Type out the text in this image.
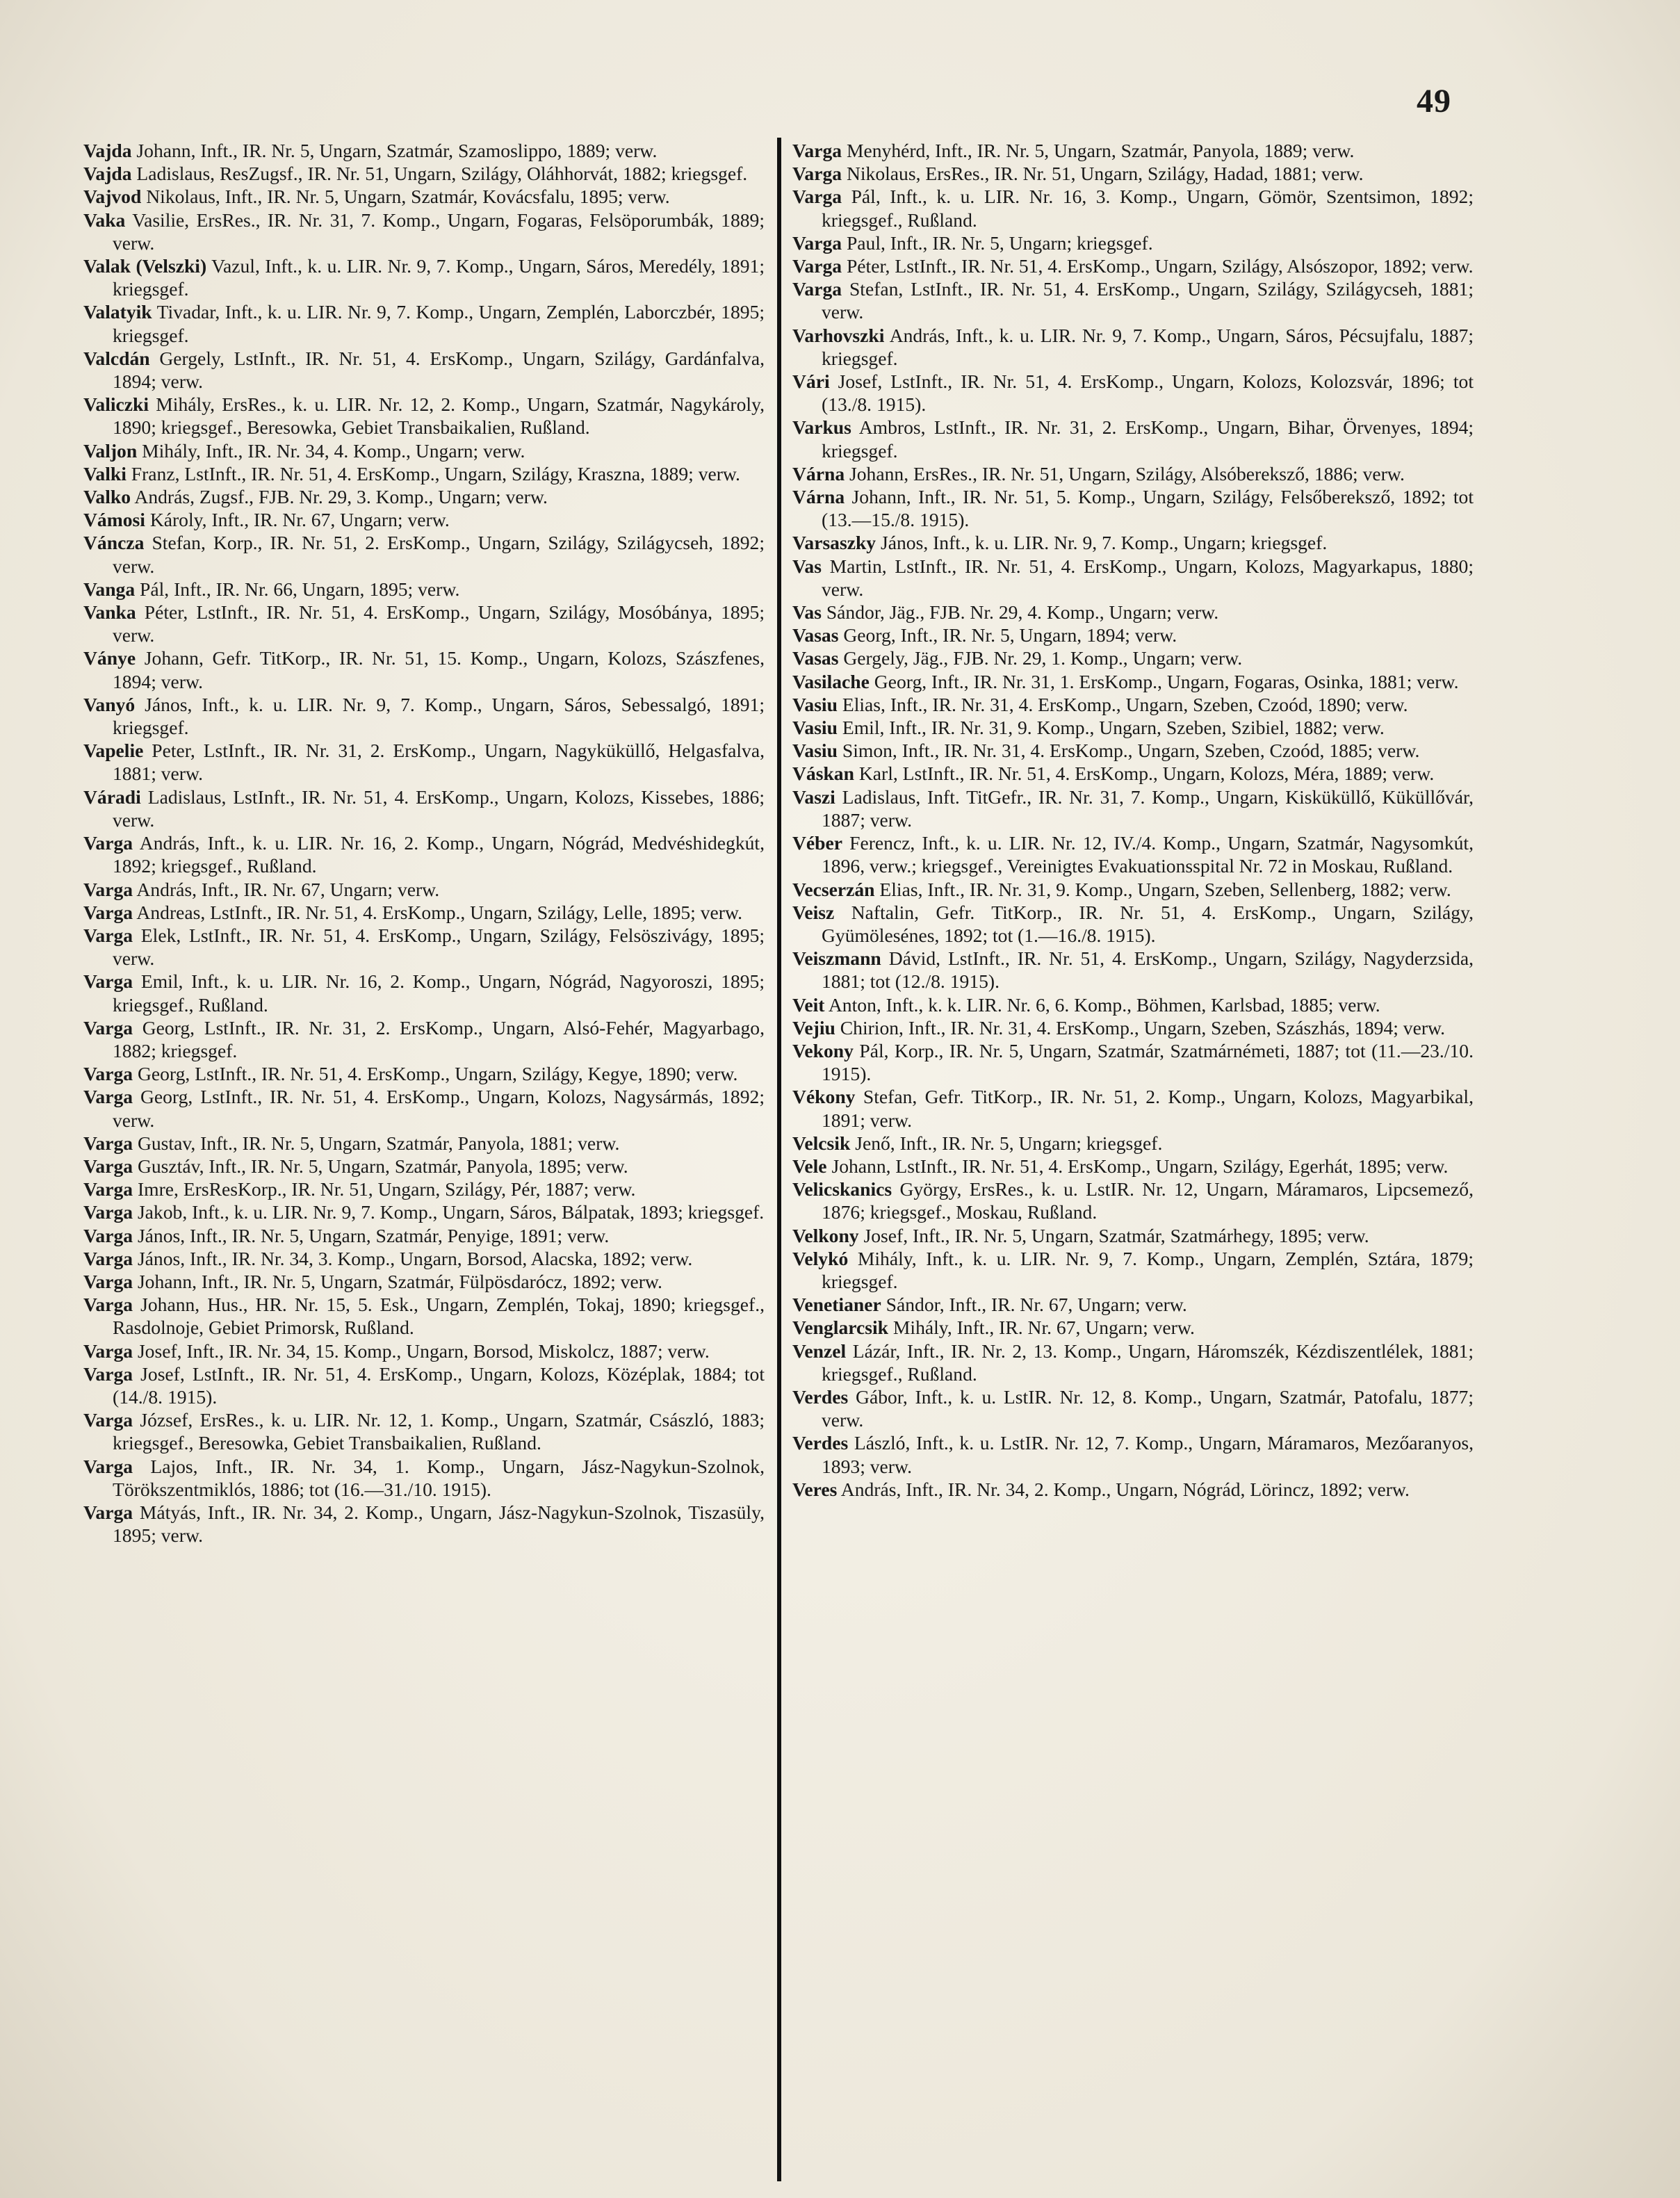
49
Vajda Johann, Inft., IR. Nr. 5, Ungarn, Szatmár, Szamoslippo, 1889; verw.
Vajda Ladislaus, ResZugsf., IR. Nr. 51, Ungarn, Szilágy, Oláhhorvát, 1882; kriegsgef.
Vajvod Nikolaus, Inft., IR. Nr. 5, Ungarn, Szatmár, Kovácsfalu, 1895; verw.
Vaka Vasilie, ErsRes., IR. Nr. 31, 7. Komp., Ungarn, Fogaras, Felsöporumbák, 1889; verw.
Valak (Velszki) Vazul, Inft., k. u. LIR. Nr. 9, 7. Komp., Ungarn, Sáros, Meredély, 1891; kriegsgef.
Valatyik Tivadar, Inft., k. u. LIR. Nr. 9, 7. Komp., Ungarn, Zemplén, Laborczbér, 1895; kriegsgef.
Valcdán Gergely, LstInft., IR. Nr. 51, 4. ErsKomp., Ungarn, Szilágy, Gardánfalva, 1894; verw.
Valiczki Mihály, ErsRes., k. u. LIR. Nr. 12, 2. Komp., Ungarn, Szatmár, Nagykároly, 1890; kriegsgef., Beresowka, Gebiet Transbaikalien, Rußland.
Valjon Mihály, Inft., IR. Nr. 34, 4. Komp., Ungarn; verw.
Valki Franz, LstInft., IR. Nr. 51, 4. ErsKomp., Ungarn, Szilágy, Kraszna, 1889; verw.
Valko András, Zugsf., FJB. Nr. 29, 3. Komp., Ungarn; verw.
Vámosi Károly, Inft., IR. Nr. 67, Ungarn; verw.
Váncza Stefan, Korp., IR. Nr. 51, 2. ErsKomp., Ungarn, Szilágy, Szilágycseh, 1892; verw.
Vanga Pál, Inft., IR. Nr. 66, Ungarn, 1895; verw.
Vanka Péter, LstInft., IR. Nr. 51, 4. ErsKomp., Ungarn, Szilágy, Mosóbánya, 1895; verw.
Ványe Johann, Gefr. TitKorp., IR. Nr. 51, 15. Komp., Ungarn, Kolozs, Szászfenes, 1894; verw.
Vanyó János, Inft., k. u. LIR. Nr. 9, 7. Komp., Ungarn, Sáros, Sebessalgó, 1891; kriegsgef.
Vapelie Peter, LstInft., IR. Nr. 31, 2. ErsKomp., Ungarn, Nagyküküllő, Helgasfalva, 1881; verw.
Váradi Ladislaus, LstInft., IR. Nr. 51, 4. ErsKomp., Ungarn, Kolozs, Kissebes, 1886; verw.
Varga András, Inft., k. u. LIR. Nr. 16, 2. Komp., Ungarn, Nógrád, Medvéshidegkút, 1892; kriegsgef., Rußland.
Varga András, Inft., IR. Nr. 67, Ungarn; verw.
Varga Andreas, LstInft., IR. Nr. 51, 4. ErsKomp., Ungarn, Szilágy, Lelle, 1895; verw.
Varga Elek, LstInft., IR. Nr. 51, 4. ErsKomp., Ungarn, Szilágy, Felsöszivágy, 1895; verw.
Varga Emil, Inft., k. u. LIR. Nr. 16, 2. Komp., Ungarn, Nógrád, Nagyoroszi, 1895; kriegsgef., Rußland.
Varga Georg, LstInft., IR. Nr. 31, 2. ErsKomp., Ungarn, Alsó-Fehér, Magyarbago, 1882; kriegsgef.
Varga Georg, LstInft., IR. Nr. 51, 4. ErsKomp., Ungarn, Szilágy, Kegye, 1890; verw.
Varga Georg, LstInft., IR. Nr. 51, 4. ErsKomp., Ungarn, Kolozs, Nagysármás, 1892; verw.
Varga Gustav, Inft., IR. Nr. 5, Ungarn, Szatmár, Panyola, 1881; verw.
Varga Gusztáv, Inft., IR. Nr. 5, Ungarn, Szatmár, Panyola, 1895; verw.
Varga Imre, ErsResKorp., IR. Nr. 51, Ungarn, Szilágy, Pér, 1887; verw.
Varga Jakob, Inft., k. u. LIR. Nr. 9, 7. Komp., Ungarn, Sáros, Bálpatak, 1893; kriegsgef.
Varga János, Inft., IR. Nr. 5, Ungarn, Szatmár, Penyige, 1891; verw.
Varga János, Inft., IR. Nr. 34, 3. Komp., Ungarn, Borsod, Alacska, 1892; verw.
Varga Johann, Inft., IR. Nr. 5, Ungarn, Szatmár, Fülpösdarócz, 1892; verw.
Varga Johann, Hus., HR. Nr. 15, 5. Esk., Ungarn, Zemplén, Tokaj, 1890; kriegsgef., Rasdolnoje, Gebiet Primorsk, Rußland.
Varga Josef, Inft., IR. Nr. 34, 15. Komp., Ungarn, Borsod, Miskolcz, 1887; verw.
Varga Josef, LstInft., IR. Nr. 51, 4. ErsKomp., Ungarn, Kolozs, Középlak, 1884; tot (14./8. 1915).
Varga József, ErsRes., k. u. LIR. Nr. 12, 1. Komp., Ungarn, Szatmár, Császló, 1883; kriegsgef., Beresowka, Gebiet Transbaikalien, Rußland.
Varga Lajos, Inft., IR. Nr. 34, 1. Komp., Ungarn, Jász-Nagykun-Szolnok, Törökszentmiklós, 1886; tot (16.—31./10. 1915).
Varga Mátyás, Inft., IR. Nr. 34, 2. Komp., Ungarn, Jász-Nagykun-Szolnok, Tiszasüly, 1895; verw.
Varga Menyhérd, Inft., IR. Nr. 5, Ungarn, Szatmár, Panyola, 1889; verw.
Varga Nikolaus, ErsRes., IR. Nr. 51, Ungarn, Szilágy, Hadad, 1881; verw.
Varga Pál, Inft., k. u. LIR. Nr. 16, 3. Komp., Ungarn, Gömör, Szentsimon, 1892; kriegsgef., Rußland.
Varga Paul, Inft., IR. Nr. 5, Ungarn; kriegsgef.
Varga Péter, LstInft., IR. Nr. 51, 4. ErsKomp., Ungarn, Szilágy, Alsószopor, 1892; verw.
Varga Stefan, LstInft., IR. Nr. 51, 4. ErsKomp., Ungarn, Szilágy, Szilágycseh, 1881; verw.
Varhovszki András, Inft., k. u. LIR. Nr. 9, 7. Komp., Ungarn, Sáros, Pécsujfalu, 1887; kriegsgef.
Vári Josef, LstInft., IR. Nr. 51, 4. ErsKomp., Ungarn, Kolozs, Kolozsvár, 1896; tot (13./8. 1915).
Varkus Ambros, LstInft., IR. Nr. 31, 2. ErsKomp., Ungarn, Bihar, Örvenyes, 1894; kriegsgef.
Várna Johann, ErsRes., IR. Nr. 51, Ungarn, Szilágy, Alsóbereksző, 1886; verw.
Várna Johann, Inft., IR. Nr. 51, 5. Komp., Ungarn, Szilágy, Felsőbereksző, 1892; tot (13.—15./8. 1915).
Varsaszky János, Inft., k. u. LIR. Nr. 9, 7. Komp., Ungarn; kriegsgef.
Vas Martin, LstInft., IR. Nr. 51, 4. ErsKomp., Ungarn, Kolozs, Magyarkapus, 1880; verw.
Vas Sándor, Jäg., FJB. Nr. 29, 4. Komp., Ungarn; verw.
Vasas Georg, Inft., IR. Nr. 5, Ungarn, 1894; verw.
Vasas Gergely, Jäg., FJB. Nr. 29, 1. Komp., Ungarn; verw.
Vasilache Georg, Inft., IR. Nr. 31, 1. ErsKomp., Ungarn, Fogaras, Osinka, 1881; verw.
Vasiu Elias, Inft., IR. Nr. 31, 4. ErsKomp., Ungarn, Szeben, Czoód, 1890; verw.
Vasiu Emil, Inft., IR. Nr. 31, 9. Komp., Ungarn, Szeben, Szibiel, 1882; verw.
Vasiu Simon, Inft., IR. Nr. 31, 4. ErsKomp., Ungarn, Szeben, Czoód, 1885; verw.
Váskan Karl, LstInft., IR. Nr. 51, 4. ErsKomp., Ungarn, Kolozs, Méra, 1889; verw.
Vaszi Ladislaus, Inft. TitGefr., IR. Nr. 31, 7. Komp., Ungarn, Kisküküllő, Küküllővár, 1887; verw.
Véber Ferencz, Inft., k. u. LIR. Nr. 12, IV./4. Komp., Ungarn, Szatmár, Nagysomkút, 1896, verw.; kriegsgef., Vereinigtes Evakuationsspital Nr. 72 in Moskau, Rußland.
Vecserzán Elias, Inft., IR. Nr. 31, 9. Komp., Ungarn, Szeben, Sellenberg, 1882; verw.
Veisz Naftalin, Gefr. TitKorp., IR. Nr. 51, 4. ErsKomp., Ungarn, Szilágy, Gyümölesénes, 1892; tot (1.—16./8. 1915).
Veiszmann Dávid, LstInft., IR. Nr. 51, 4. ErsKomp., Ungarn, Szilágy, Nagyderzsida, 1881; tot (12./8. 1915).
Veit Anton, Inft., k. k. LIR. Nr. 6, 6. Komp., Böhmen, Karlsbad, 1885; verw.
Vejiu Chirion, Inft., IR. Nr. 31, 4. ErsKomp., Ungarn, Szeben, Szászhás, 1894; verw.
Vekony Pál, Korp., IR. Nr. 5, Ungarn, Szatmár, Szatmárnémeti, 1887; tot (11.—23./10. 1915).
Vékony Stefan, Gefr. TitKorp., IR. Nr. 51, 2. Komp., Ungarn, Kolozs, Magyarbikal, 1891; verw.
Velcsik Jenő, Inft., IR. Nr. 5, Ungarn; kriegsgef.
Vele Johann, LstInft., IR. Nr. 51, 4. ErsKomp., Ungarn, Szilágy, Egerhát, 1895; verw.
Velicskanics György, ErsRes., k. u. LstIR. Nr. 12, Ungarn, Máramaros, Lipcsemező, 1876; kriegsgef., Moskau, Rußland.
Velkony Josef, Inft., IR. Nr. 5, Ungarn, Szatmár, Szatmárhegy, 1895; verw.
Velykó Mihály, Inft., k. u. LIR. Nr. 9, 7. Komp., Ungarn, Zemplén, Sztára, 1879; kriegsgef.
Venetianer Sándor, Inft., IR. Nr. 67, Ungarn; verw.
Venglarcsik Mihály, Inft., IR. Nr. 67, Ungarn; verw.
Venzel Lázár, Inft., IR. Nr. 2, 13. Komp., Ungarn, Háromszék, Kézdiszentlélek, 1881; kriegsgef., Rußland.
Verdes Gábor, Inft., k. u. LstIR. Nr. 12, 8. Komp., Ungarn, Szatmár, Patofalu, 1877; verw.
Verdes László, Inft., k. u. LstIR. Nr. 12, 7. Komp., Ungarn, Máramaros, Mezőaranyos, 1893; verw.
Veres András, Inft., IR. Nr. 34, 2. Komp., Ungarn, Nógrád, Lörincz, 1892; verw.
